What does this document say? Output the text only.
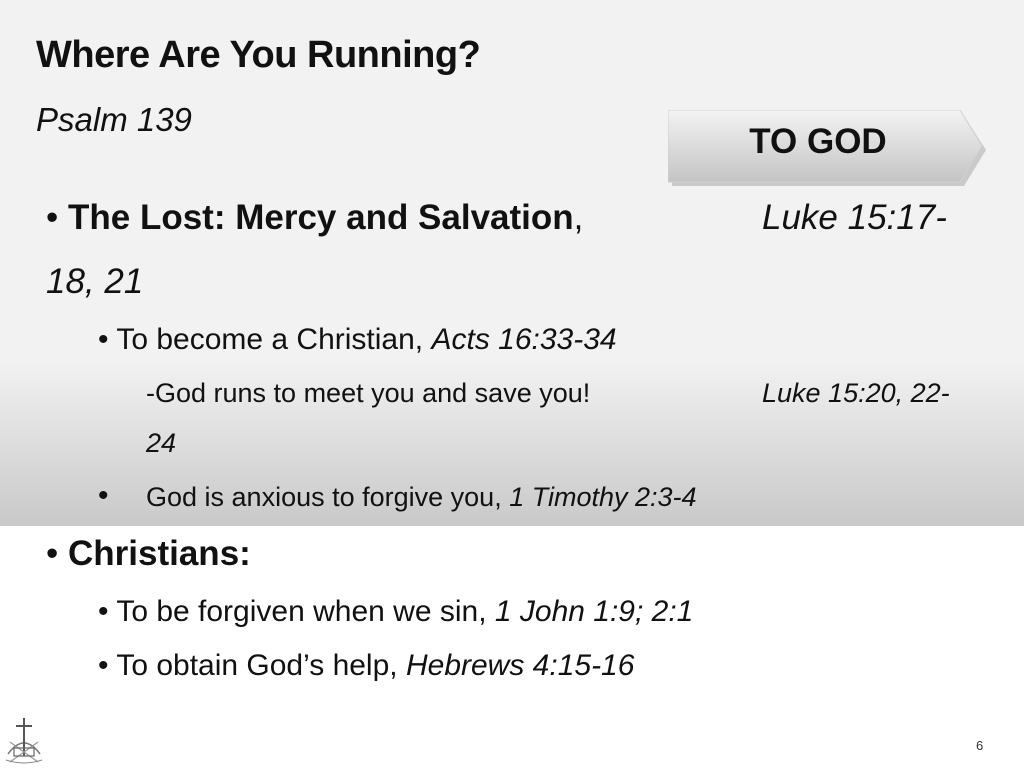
Where Are You Running?
Psalm 139
TO GOD
• The Lost: Mercy and Salvation,	Luke 15:17-
18, 21
• To become a Christian, Acts 16:33-34
-God runs to meet you and save you!	Luke 15:20, 22-
24
• God is anxious to forgive you, 1 Timothy 2:3-4
• Christians:
• To be forgiven when we sin, 1 John 1:9; 2:1
• To obtain God’s help, Hebrews 4:15-16
6
